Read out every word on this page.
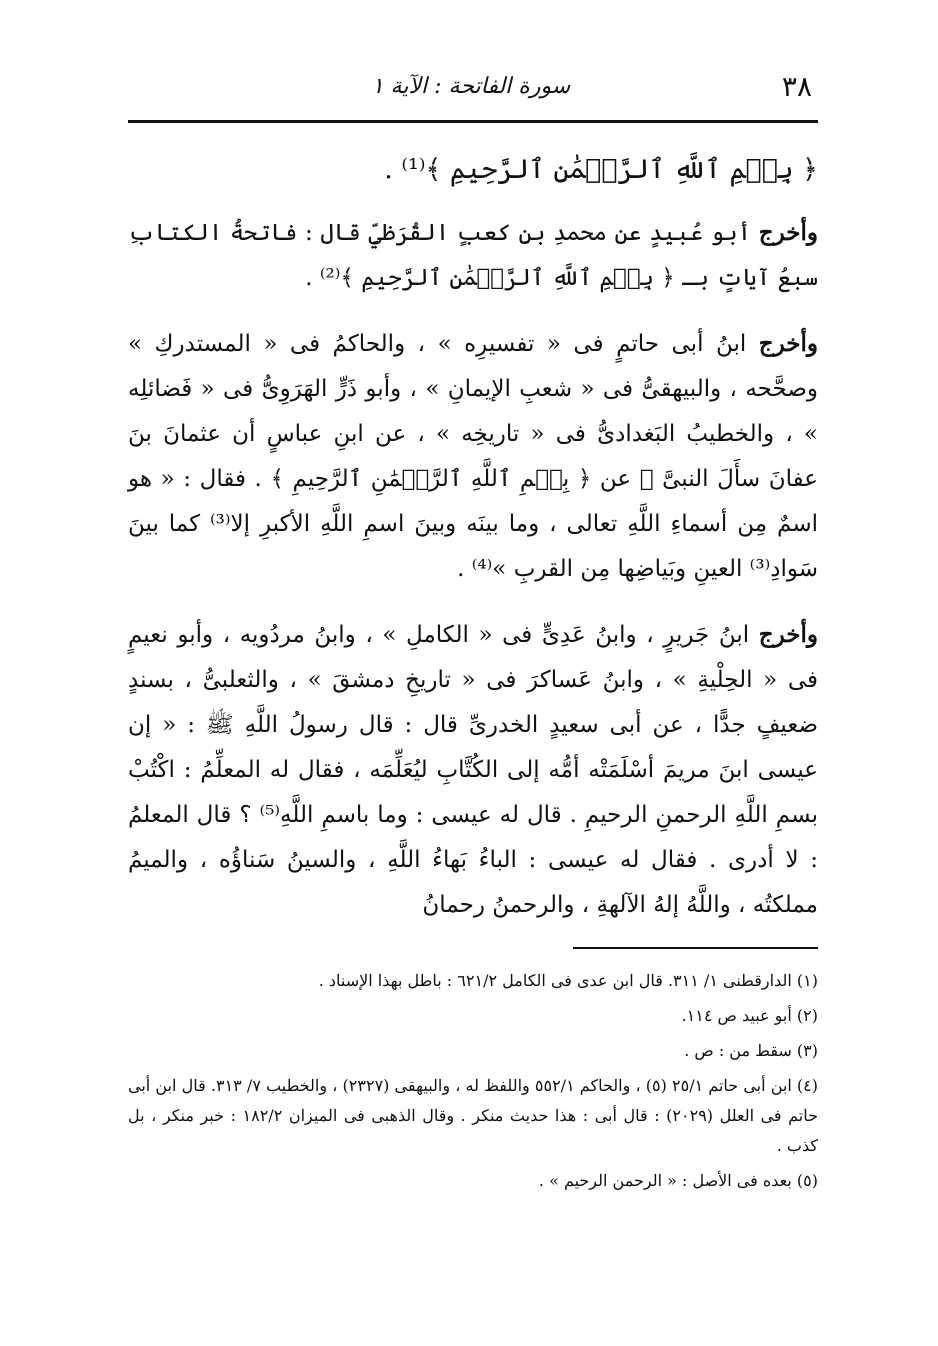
٣٨
سورة الفاتحة : الآية ١
﴿ بِسۡمِ ٱللَّهِ ٱلرَّحۡمَٰنِ ٱلرَّحِيمِ ﴾⁽¹⁾ .

وأخرج أبو عُبيدٍ عن محمدِ بنِ كعبٍ القُرَظيِّ قال : فاتحةُ الكتابِ سبعُ آياتٍ بـ ﴿ بِسۡمِ ٱللَّهِ ٱلرَّحۡمَٰنِ ٱلرَّحِيمِ ﴾⁽²⁾ .

وأخرج ابنُ أبى حاتمٍ فى « تفسيرِه » ، والحاكمُ فى « المستدركِ » وصحَّحه ، والبيهقىُّ فى « شعبِ الإيمانِ » ، وأبو ذَرٍّ الهَرَوِىُّ فى « فَضائلِه » ، والخطيبُ البَغدادىُّ فى « تاريخِه » ، عن ابنِ عباسٍ أن عثمانَ بنَ عفانَ سأَلَ النبىَّ ﷺ عن ﴿ بِسۡمِ ٱللَّهِ ٱلرَّحۡمَٰنِ ٱلرَّحِيمِ ﴾ . فقال : « هو اسمٌ مِن أسماءِ اللَّهِ تعالى ، وما بينَه وبينَ اسمِ اللَّهِ الأكبرِ إلا⁽³⁾ كما بينَ سَوادِ⁽³⁾ العينِ وبَياضِها مِن القربِ »⁽⁴⁾ .

وأخرج ابنُ جَريرٍ ، وابنُ عَدِىٍّ فى « الكاملِ » ، وابنُ مردُويه ، وأبو نعيمٍ فى « الحِلْيةِ » ، وابنُ عَساكرَ فى « تاريخِ دمشقَ » ، والثعلبىُّ ، بسندٍ ضعيفٍ جدًّا ، عن أبى سعيدٍ الخدرىِّ قال : قال رسولُ اللَّهِ ﷺ : « إن عيسى ابنَ مريمَ أسْلَمَتْه أمُّه إلى الكُتَّابِ ليُعَلِّمَه ، فقال له المعلِّمُ : اكْتُبْ بسمِ اللَّهِ الرحمنِ الرحيمِ . قال له عيسى : وما باسمِ اللَّهِ⁽⁵⁾ ؟ قال المعلمُ : لا أدرى . فقال له عيسى : الباءُ بَهاءُ اللَّهِ ، والسينُ سَناؤُه ، والميمُ مملكتُه ، واللَّهُ إلهُ الآلهةِ ، والرحمنُ رحمانُ

(١) الدارقطنى ١/ ٣١١. قال ابن عدى فى الكامل ٦٢١/٢ : باطل بهذا الإسناد .

(٢) أبو عبيد ص ١١٤.

(٣) سقط من : ص .

(٤) ابن أبى حاتم ٢٥/١ (٥) ، والحاكم ٥٥٢/١ واللفظ له ، والبيهقى (٢٣٢٧) ، والخطيب ٧/ ٣١٣. قال ابن أبى حاتم فى العلل (٢٠٢٩) : قال أبى : هذا حديث منكر . وقال الذهبى فى الميزان ١٨٢/٢ : خبر منكر ، بل كذب .

(٥) بعده فى الأصل : « الرحمن الرحيم » .
